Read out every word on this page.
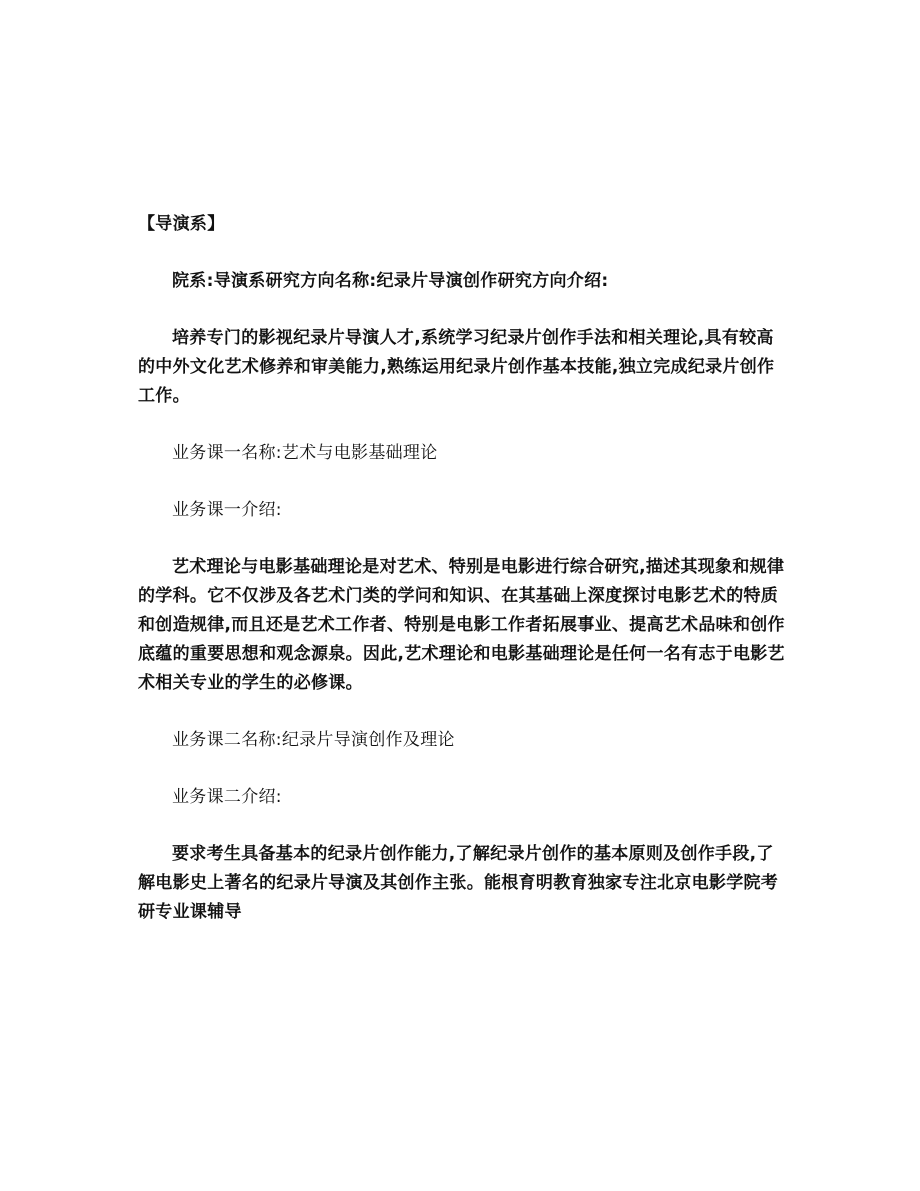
【导演系】

院系:导演系研究方向名称:纪录片导演创作研究方向介绍:

培养专门的影视纪录片导演人才,系统学习纪录片创作手法和相关理论,具有较高的中外文化艺术修养和审美能力,熟练运用纪录片创作基本技能,独立完成纪录片创作工作。

业务课一名称:艺术与电影基础理论

业务课一介绍:

艺术理论与电影基础理论是对艺术、特别是电影进行综合研究,描述其现象和规律的学科。它不仅涉及各艺术门类的学问和知识、在其基础上深度探讨电影艺术的特质和创造规律,而且还是艺术工作者、特别是电影工作者拓展事业、提高艺术品味和创作底蕴的重要思想和观念源泉。因此,艺术理论和电影基础理论是任何一名有志于电影艺术相关专业的学生的必修课。

业务课二名称:纪录片导演创作及理论

业务课二介绍:

要求考生具备基本的纪录片创作能力,了解纪录片创作的基本原则及创作手段,了解电影史上著名的纪录片导演及其创作主张。能根育明教育独家专注北京电影学院考研专业课辅导
